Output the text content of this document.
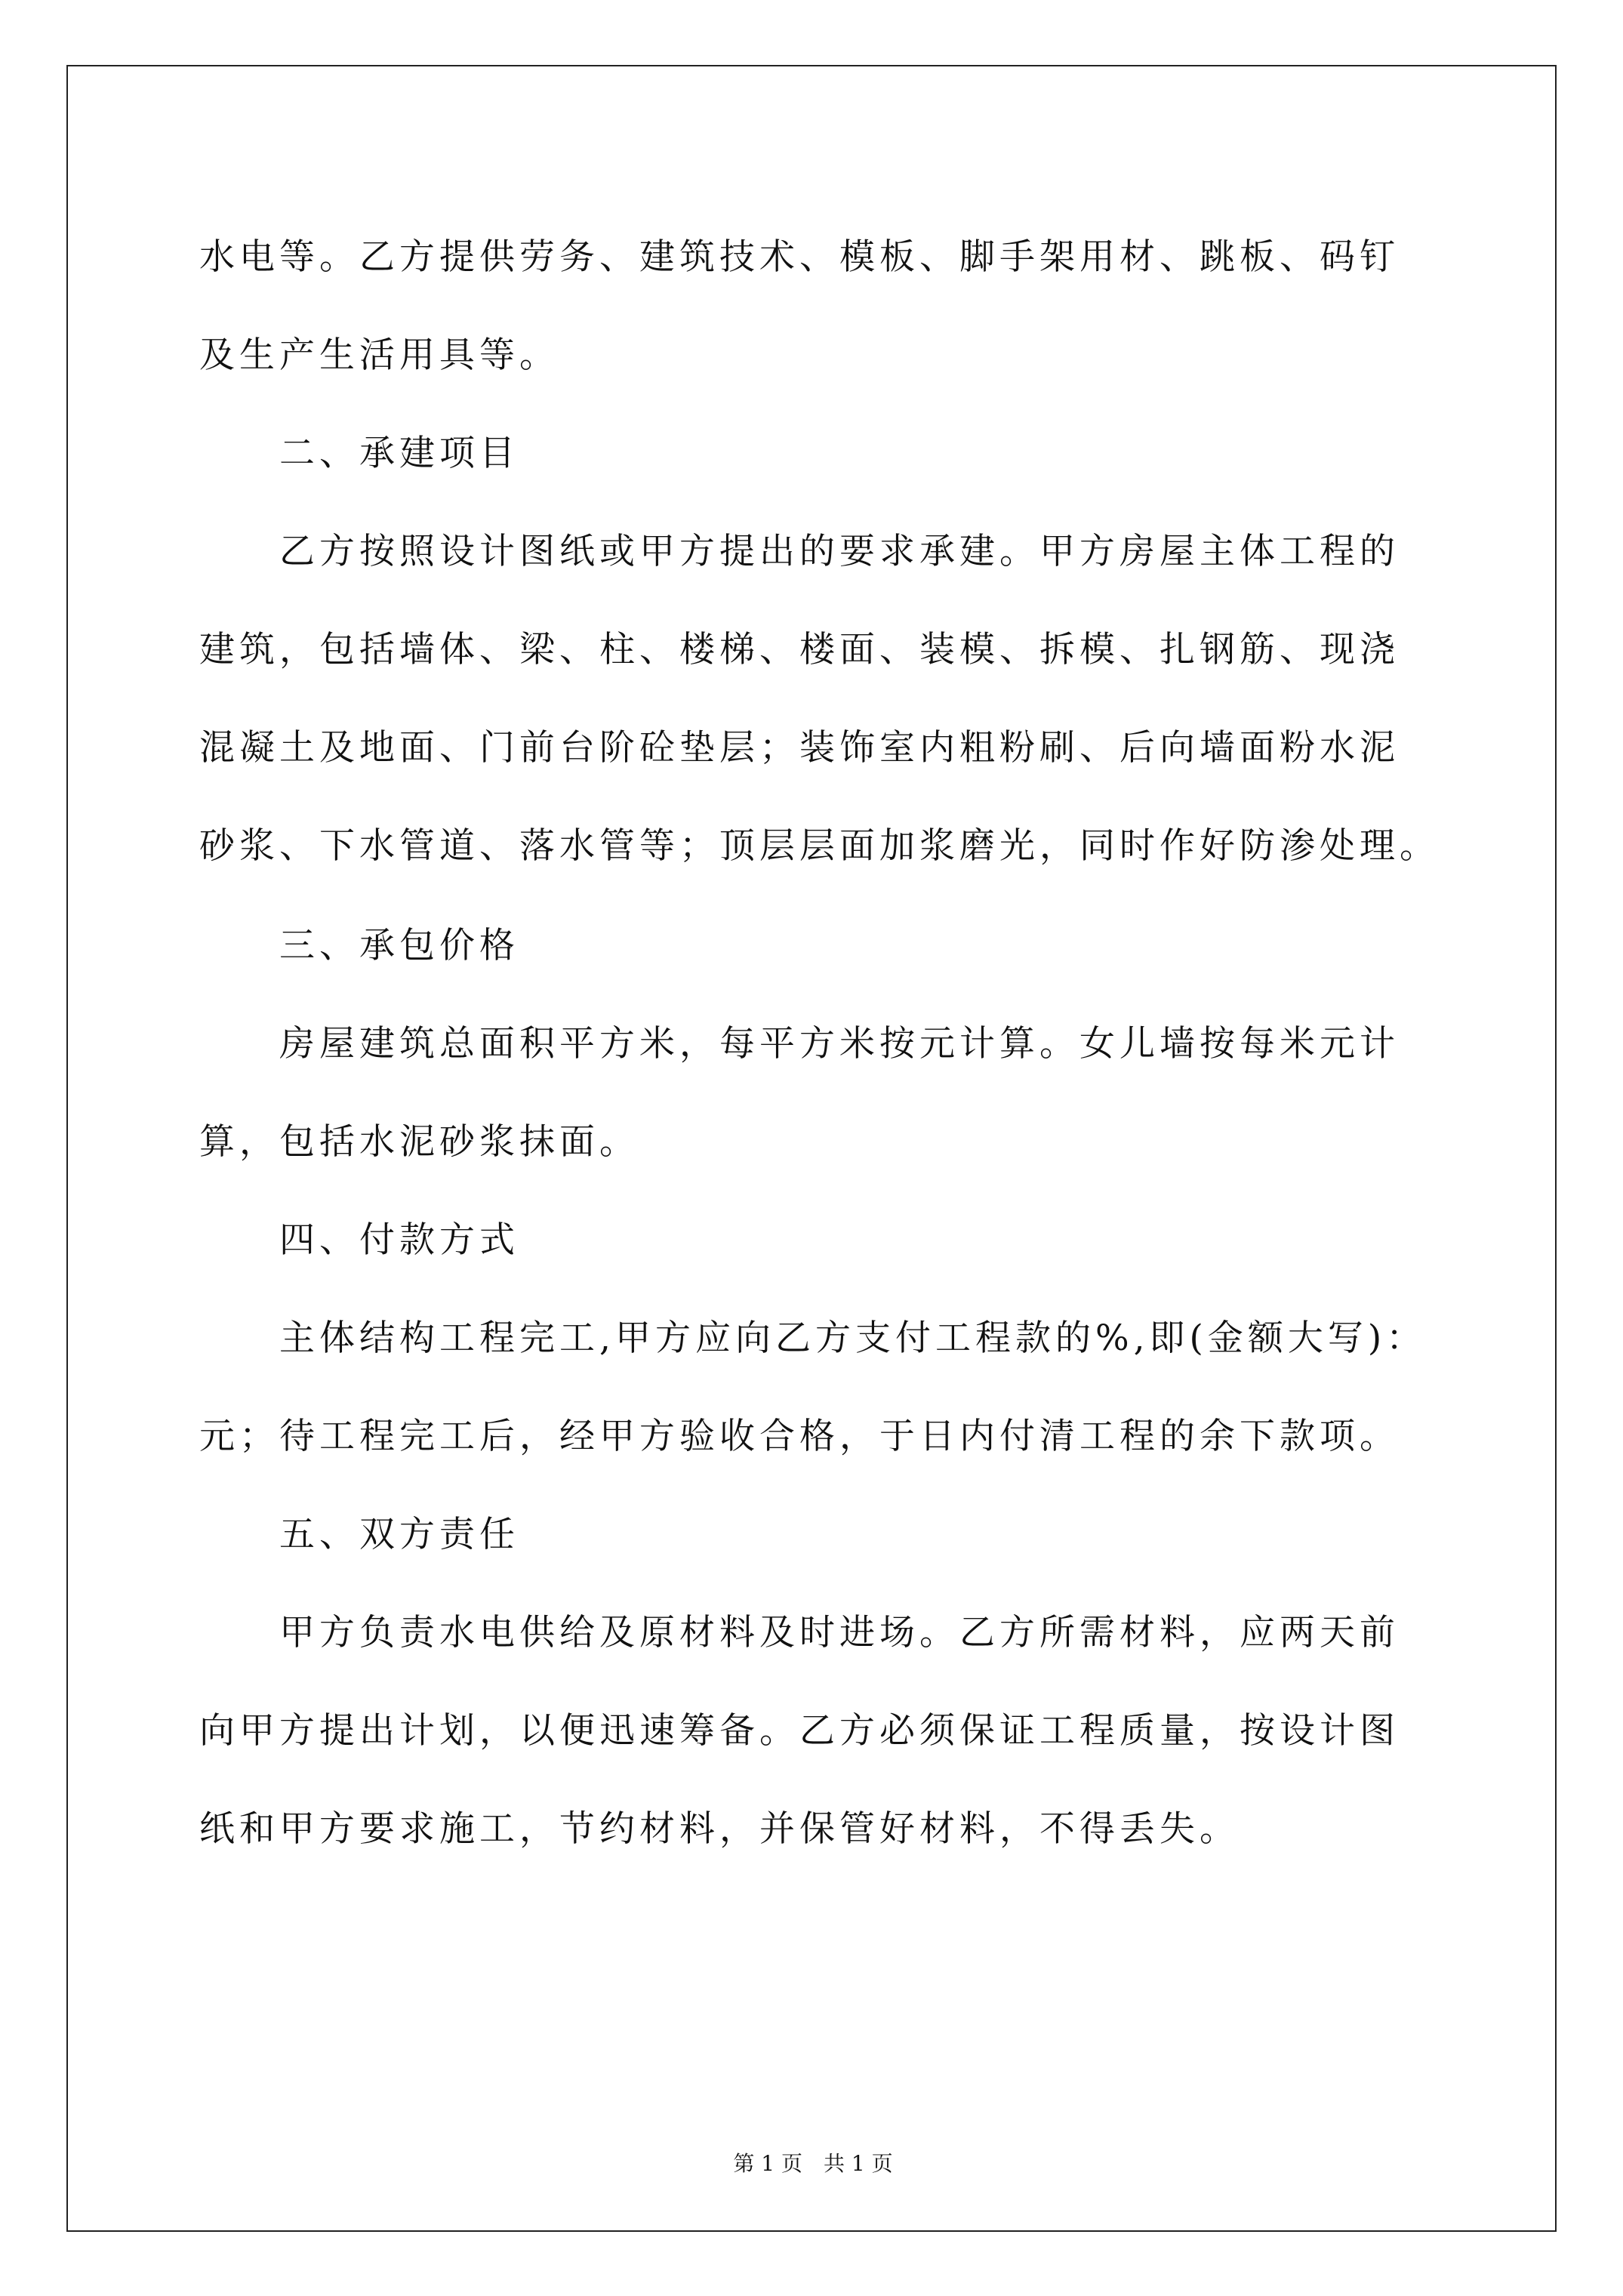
水电等。乙方提供劳务、建筑技术、模板、脚手架用材、跳板、码钉
及生产生活用具等。
二、承建项目
乙方按照设计图纸或甲方提出的要求承建。甲方房屋主体工程的
建筑，包括墙体、梁、柱、楼梯、楼面、装模、拆模、扎钢筋、现浇
混凝土及地面、门前台阶砼垫层；装饰室内粗粉刷、后向墙面粉水泥
砂浆、下水管道、落水管等；顶层层面加浆磨光，同时作好防渗处理。
三、承包价格
房屋建筑总面积平方米，每平方米按元计算。女儿墙按每米元计
算，包括水泥砂浆抹面。
四、付款方式
主体结构工程完工,甲方应向乙方支付工程款的%,即(金额大写)：
元；待工程完工后，经甲方验收合格，于日内付清工程的余下款项。
五、双方责任
甲方负责水电供给及原材料及时进场。乙方所需材料，应两天前
向甲方提出计划，以便迅速筹备。乙方必须保证工程质量，按设计图
纸和甲方要求施工，节约材料，并保管好材料，不得丢失。
第 1 页 共 1 页
